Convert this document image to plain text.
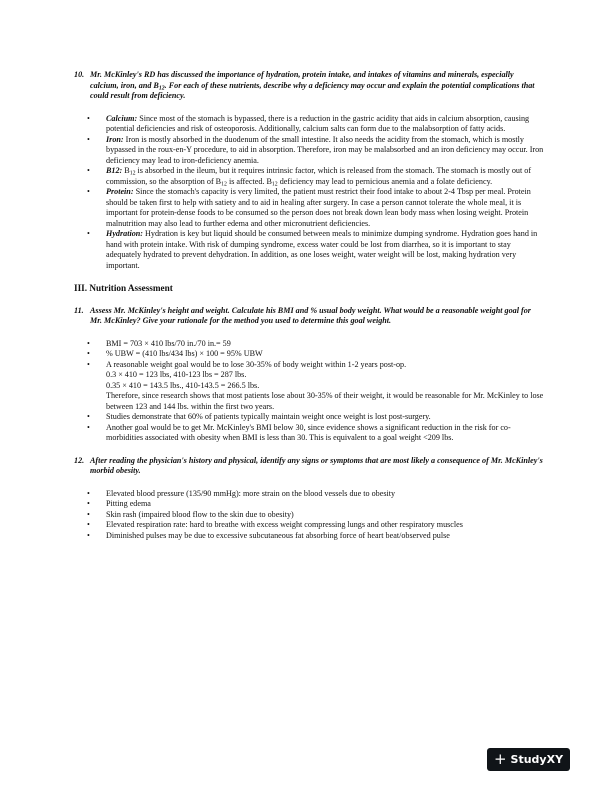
10. Mr. McKinley's RD has discussed the importance of hydration, protein intake, and intakes of vitamins and minerals, especially calcium, iron, and $B_{12}$. For each of these nutrients, describe why a deficiency may occur and explain the potential complications that could result from deficiency.

• Calcium: Since most of the stomach is bypassed, there is a reduction in the gastric acidity that aids in calcium absorption, causing potential deficiencies and risk of osteoporosis. Additionally, calcium salts can form due to the malabsorption of fatty acids.
• Iron: Iron is mostly absorbed in the duodenum of the small intestine. It also needs the acidity from the stomach, which is mostly bypassed in the roux-en-Y procedure, to aid in absorption. Therefore, iron may be malabsorbed and an iron deficiency may occur. Iron deficiency may lead to iron-deficiency anemia.
• B12: $B_{12}$ is absorbed in the ileum, but it requires intrinsic factor, which is released from the stomach. The stomach is mostly out of commission, so the absorption of $B_{12}$ is affected. $B_{12}$ deficiency may lead to pernicious anemia and a folate deficiency.
• Protein: Since the stomach's capacity is very limited, the patient must restrict their food intake to about 2-4 Tbsp per meal. Protein should be taken first to help with satiety and to aid in healing after surgery. In case a person cannot tolerate the whole meal, it is important for protein-dense foods to be consumed so the person does not break down lean body mass when losing weight. Protein malnutrition may also lead to further edema and other micronutrient deficiencies.
• Hydration: Hydration is key but liquid should be consumed between meals to minimize dumping syndrome. Hydration goes hand in hand with protein intake. With risk of dumping syndrome, excess water could be lost from diarrhea, so it is important to stay adequately hydrated to prevent dehydration. In addition, as one loses weight, water weight will be lost, making hydration very important.

III. Nutrition Assessment

11. Assess Mr. McKinley's height and weight. Calculate his BMI and % usual body weight. What would be a reasonable weight goal for Mr. McKinley? Give your rationale for the method you used to determine this goal weight.

• BMI = 703 × 410 lbs/70 in./70 in.= 59
• % UBW = (410 lbs/434 lbs) × 100 = 95% UBW
• A reasonable weight goal would be to lose 30-35% of body weight within 1-2 years post-op.
0.3 × 410 = 123 lbs, 410-123 lbs = 287 lbs.
0.35 × 410 = 143.5 lbs., 410-143.5 = 266.5 lbs.
Therefore, since research shows that most patients lose about 30-35% of their weight, it would be reasonable for Mr. McKinley to lose between 123 and 144 lbs. within the first two years.
• Studies demonstrate that 60% of patients typically maintain weight once weight is lost post-surgery.
• Another goal would be to get Mr. McKinley's BMI below 30, since evidence shows a significant reduction in the risk for co-morbidities associated with obesity when BMI is less than 30. This is equivalent to a goal weight <209 lbs.

12. After reading the physician's history and physical, identify any signs or symptoms that are most likely a consequence of Mr. McKinley's morbid obesity.

• Elevated blood pressure (135/90 mmHg): more strain on the blood vessels due to obesity
• Pitting edema
• Skin rash (impaired blood flow to the skin due to obesity)
• Elevated respiration rate: hard to breathe with excess weight compressing lungs and other respiratory muscles
• Diminished pulses may be due to excessive subcutaneous fat absorbing force of heart beat/observed pulse
+ StudyXY
